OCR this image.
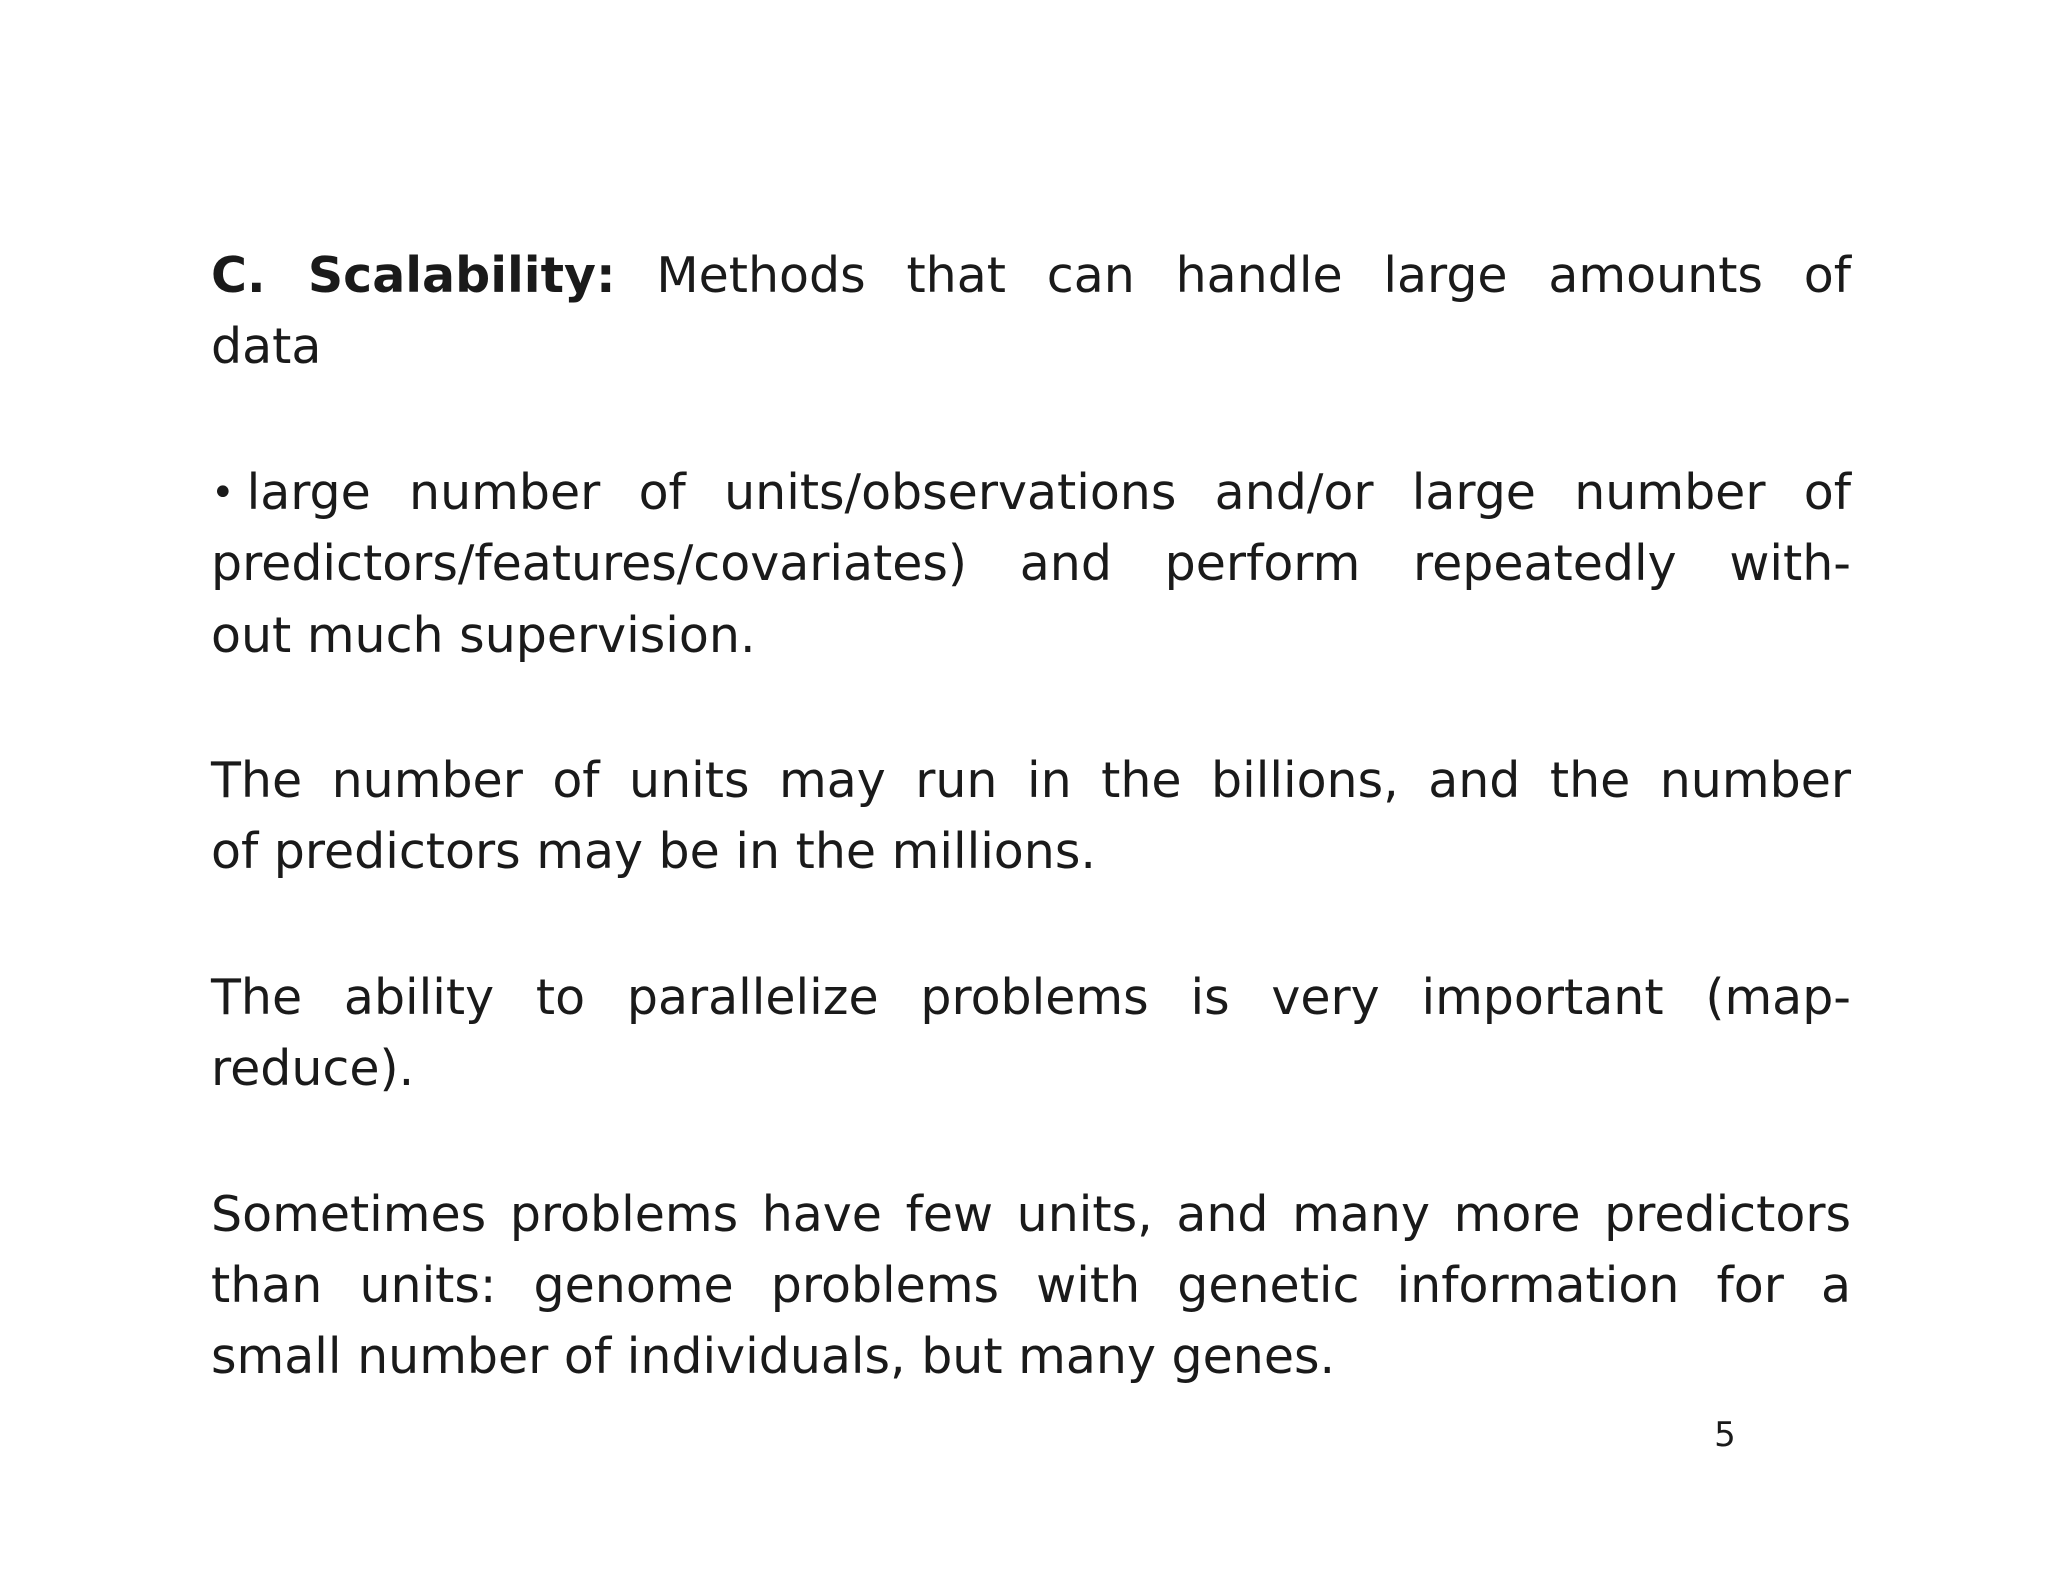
C. Scalability: Methods that can handle large amounts of

data

• large number of units/observations and/or large number of

predictors/features/covariates) and perform repeatedly with-

out much supervision.

The number of units may run in the billions, and the number

of predictors may be in the millions.

The ability to parallelize problems is very important (map-

reduce).

Sometimes problems have few units, and many more predictors

than units: genome problems with genetic information for a

small number of individuals, but many genes.

5
